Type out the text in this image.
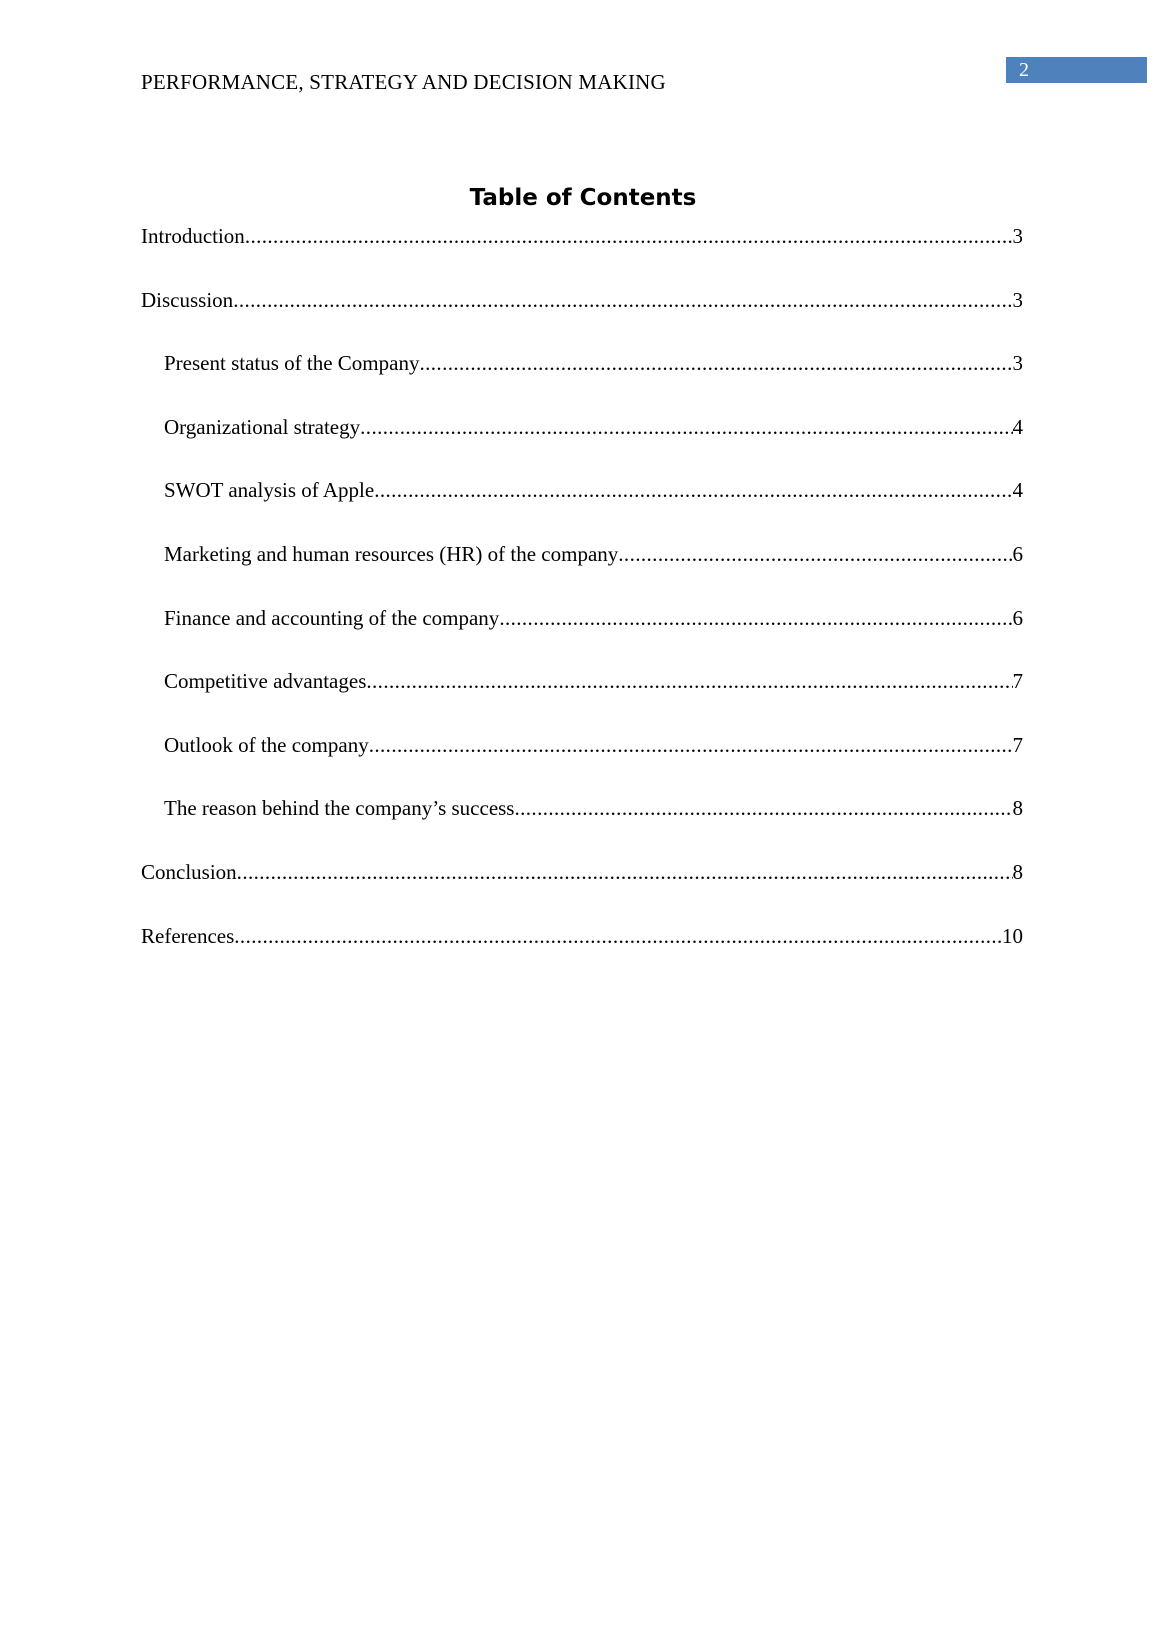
PERFORMANCE, STRATEGY AND DECISION MAKING	2
Table of Contents
Introduction .....	3
Discussion .....	3
Present status of the Company .....	3
Organizational strategy .....	4
SWOT analysis of Apple .....	4
Marketing and human resources (HR) of the company .....	6
Finance and accounting of the company .....	6
Competitive advantages .....	7
Outlook of the company .....	7
The reason behind the company’s success .....	8
Conclusion .....	8
References .....	10
